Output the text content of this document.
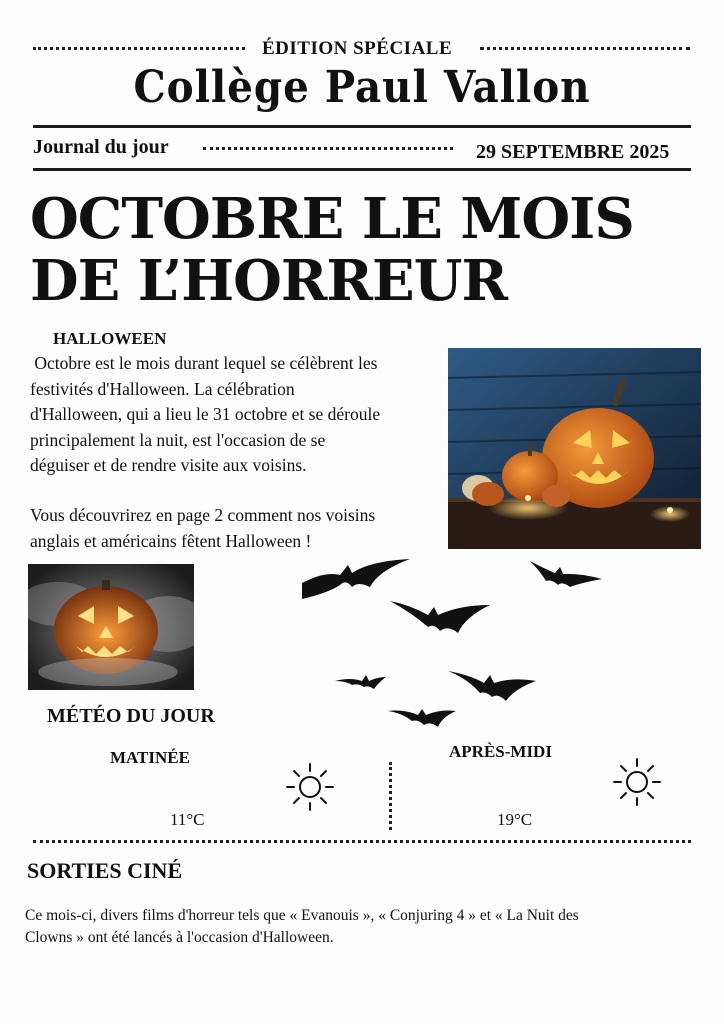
ÉDITION SPÉCIALE
Collège Paul Vallon
Journal du jour	29 SEPTEMBRE 2025
OCTOBRE LE MOIS
DE L’HORREUR
HALLOWEEN
Octobre est le mois durant lequel se célèbrent les
festivités d'Halloween. La célébration
d'Halloween, qui a lieu le 31 octobre et se déroule
principalement la nuit, est l'occasion de se
déguiser et de rendre visite aux voisins.
Vous découvrirez en page 2 comment nos voisins
anglais et américains fêtent Halloween !
MÉTÉO DU JOUR
MATINÉE	APRÈS-MIDI
11°C	19°C
SORTIES CINÉ
Ce mois-ci, divers films d'horreur tels que « Evanouis », « Conjuring 4 » et « La Nuit des
Clowns » ont été lancés à l'occasion d'Halloween.
